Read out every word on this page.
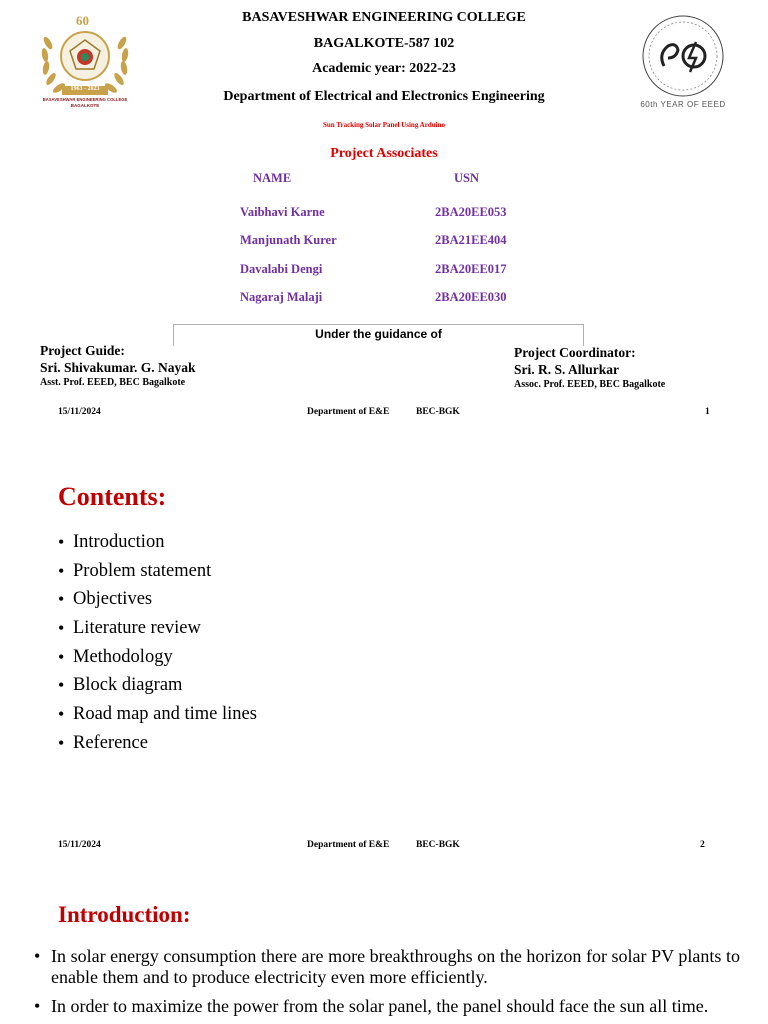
60
1963 - 2023
BASAVESHWAR ENGINEERING COLLEGE
BAGALKOTE	60th YEAR OF EEED
BASAVESHWAR ENGINEERING COLLEGE
BAGALKOTE-587 102
Academic year: 2022-23
Department of Electrical and Electronics Engineering
Sun Tracking Solar Panel Using Arduino
Project Associates
NAME	USN
Vaibhavi Karne	2BA20EE053
Manjunath Kurer	2BA21EE404
Davalabi Dengi	2BA20EE017
Nagaraj Malaji	2BA20EE030
Under the guidance of
Project Guide:
Sri. Shivakumar. G. Nayak
Asst. Prof. EEED, BEC Bagalkote
Project Coordinator:
Sri. R. S. Allurkar
Assoc. Prof. EEED, BEC Bagalkote
15/11/2024	Department of E&E	BEC-BGK	1
Contents:
• Introduction
• Problem statement
• Objectives
• Literature review
• Methodology
• Block diagram
• Road map and time lines
• Reference
15/11/2024	Department of E&E	BEC-BGK	2
Introduction:
• In solar energy consumption there are more breakthroughs on the horizon for solar PV plants to enable them and to produce electricity even more efficiently.
• In order to maximize the power from the solar panel, the panel should face the sun all time.
